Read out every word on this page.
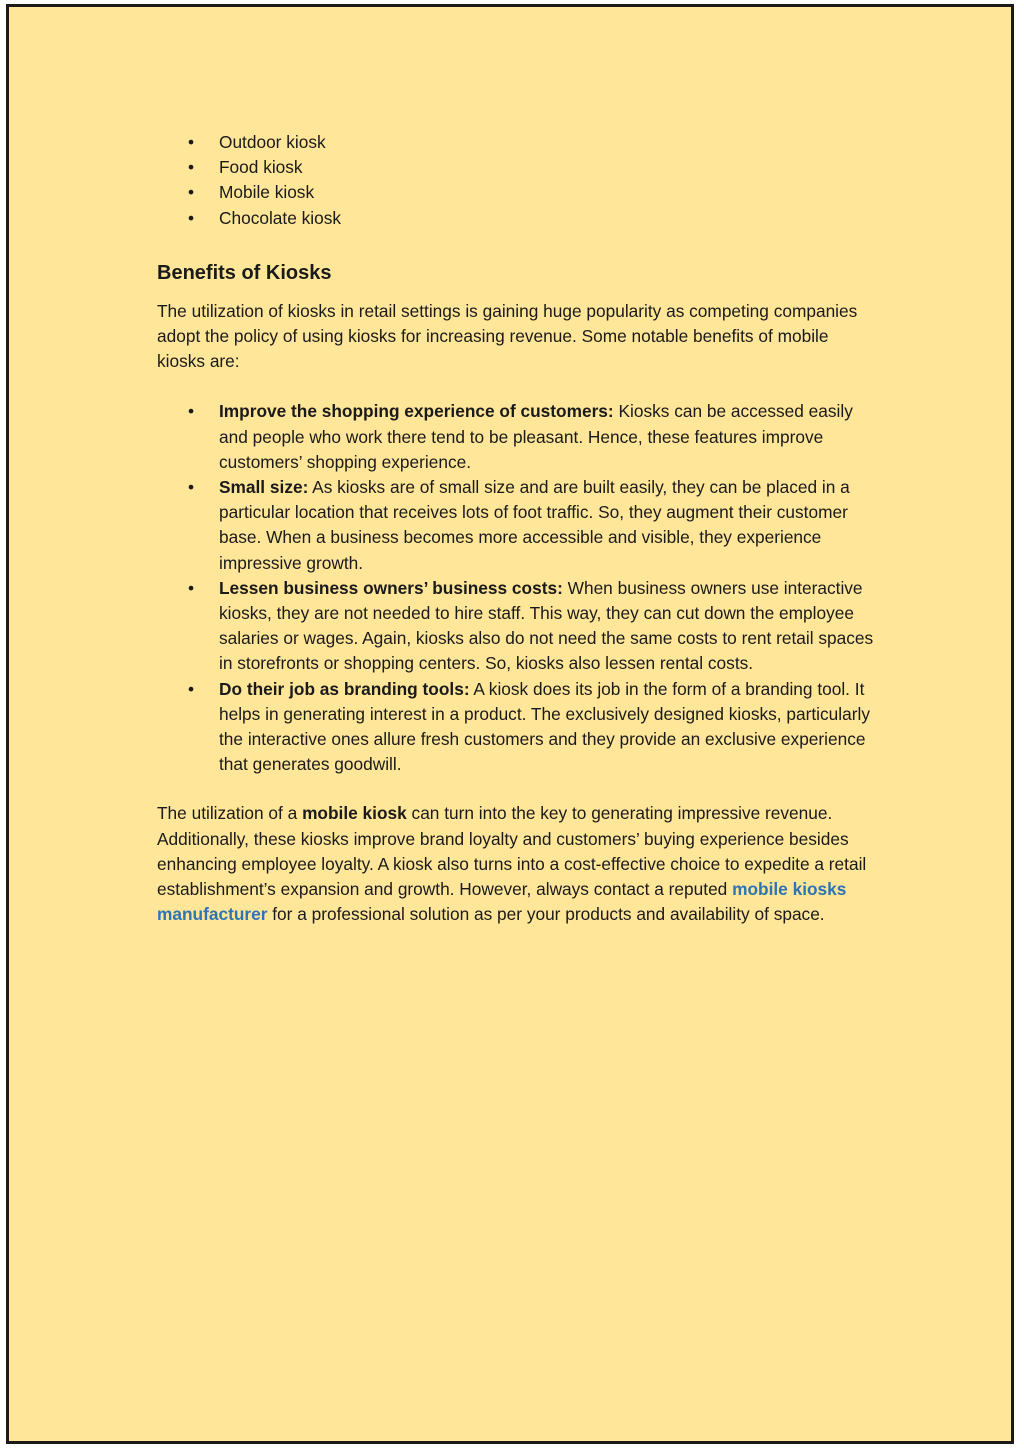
• Outdoor kiosk
• Food kiosk
• Mobile kiosk
• Chocolate kiosk
Benefits of Kiosks

The utilization of kiosks in retail settings is gaining huge popularity as competing companies adopt the policy of using kiosks for increasing revenue. Some notable benefits of mobile kiosks are:

• Improve the shopping experience of customers: Kiosks can be accessed easily and people who work there tend to be pleasant. Hence, these features improve customers’ shopping experience.
• Small size: As kiosks are of small size and are built easily, they can be placed in a particular location that receives lots of foot traffic. So, they augment their customer base. When a business becomes more accessible and visible, they experience impressive growth.
• Lessen business owners’ business costs: When business owners use interactive kiosks, they are not needed to hire staff. This way, they can cut down the employee salaries or wages. Again, kiosks also do not need the same costs to rent retail spaces in storefronts or shopping centers. So, kiosks also lessen rental costs.
• Do their job as branding tools: A kiosk does its job in the form of a branding tool. It helps in generating interest in a product. The exclusively designed kiosks, particularly the interactive ones allure fresh customers and they provide an exclusive experience that generates goodwill.

The utilization of a mobile kiosk can turn into the key to generating impressive revenue. Additionally, these kiosks improve brand loyalty and customers’ buying experience besides enhancing employee loyalty. A kiosk also turns into a cost-effective choice to expedite a retail establishment’s expansion and growth. However, always contact a reputed mobile kiosks manufacturer for a professional solution as per your products and availability of space.
